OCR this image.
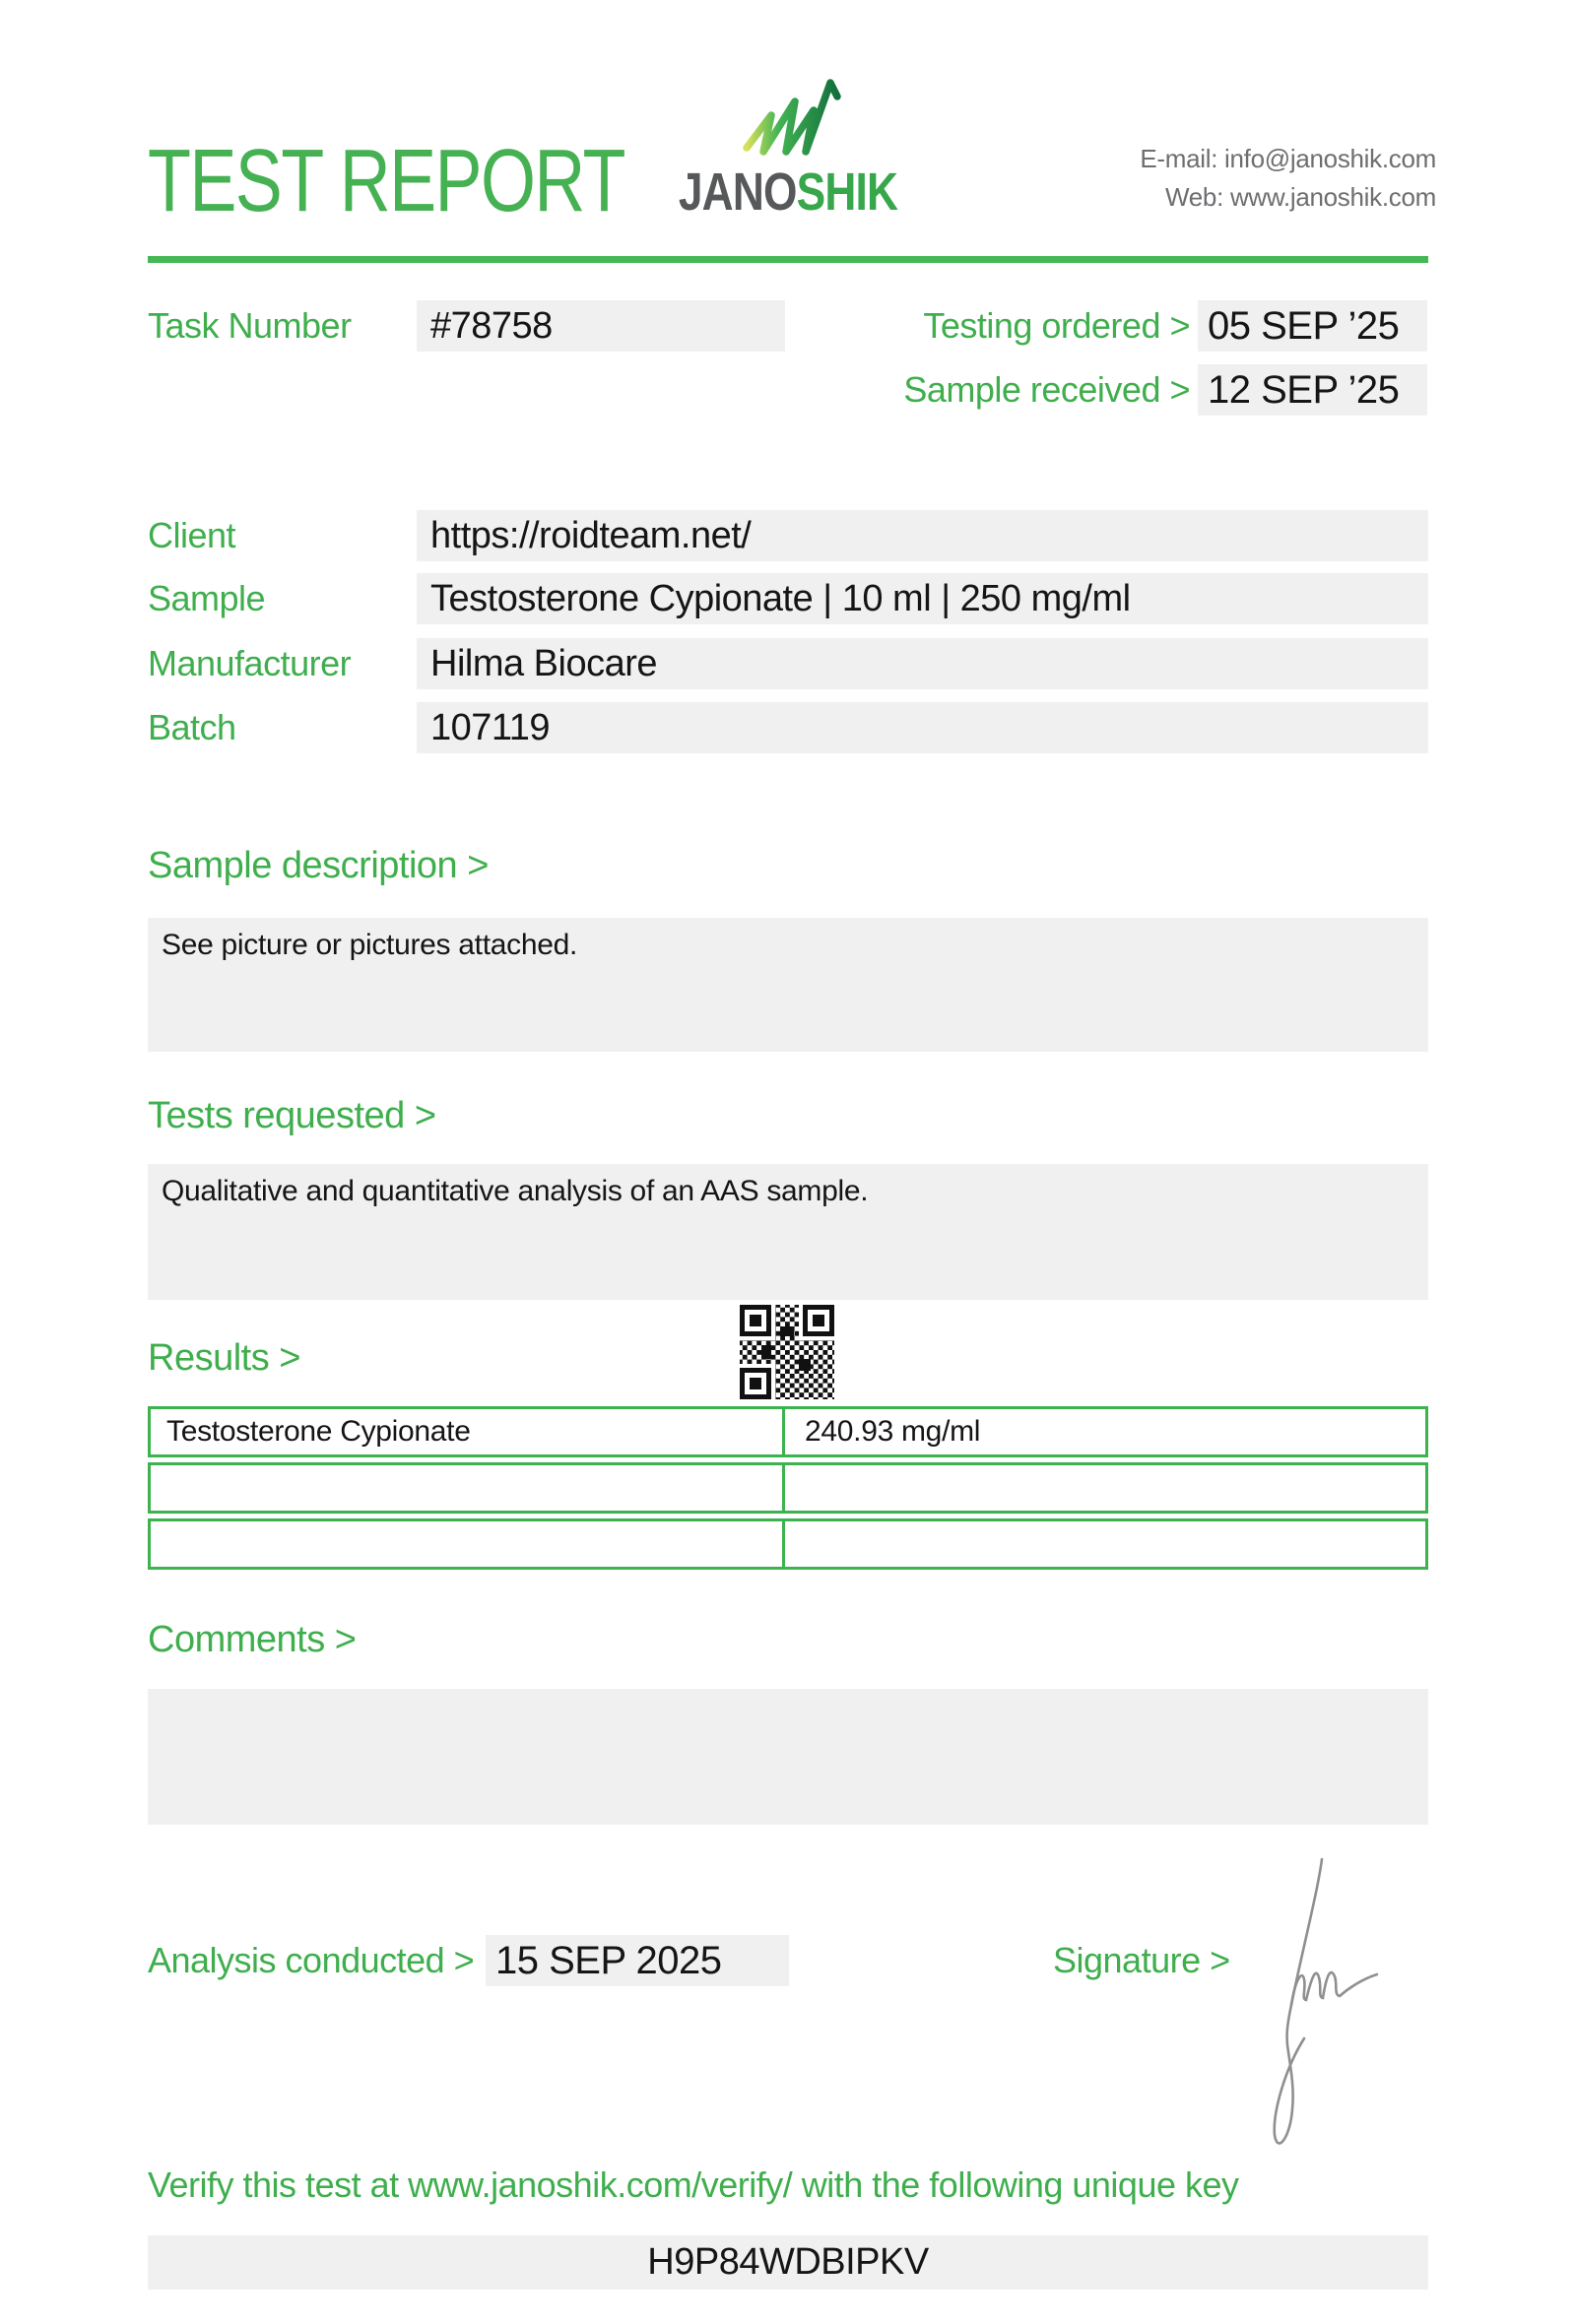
TEST REPORT JANOSHIK
E-mail: info@janoshik.com
Web: www.janoshik.com
Task Number	#78758	Testing ordered > 05 SEP ’25
Sample received > 12 SEP ’25
Client	https://roidteam.net/
Sample	Testosterone Cypionate | 10 ml | 250 mg/ml
Manufacturer	Hilma Biocare
Batch	107119
Sample description >
See picture or pictures attached.
Tests requested >
Qualitative and quantitative analysis of an AAS sample.
Results >
Testosterone Cypionate	240.93 mg/ml
Comments >
Analysis conducted > 15 SEP 2025	Signature >
Verify this test at www.janoshik.com/verify/ with the following unique key
H9P84WDBIPKV
